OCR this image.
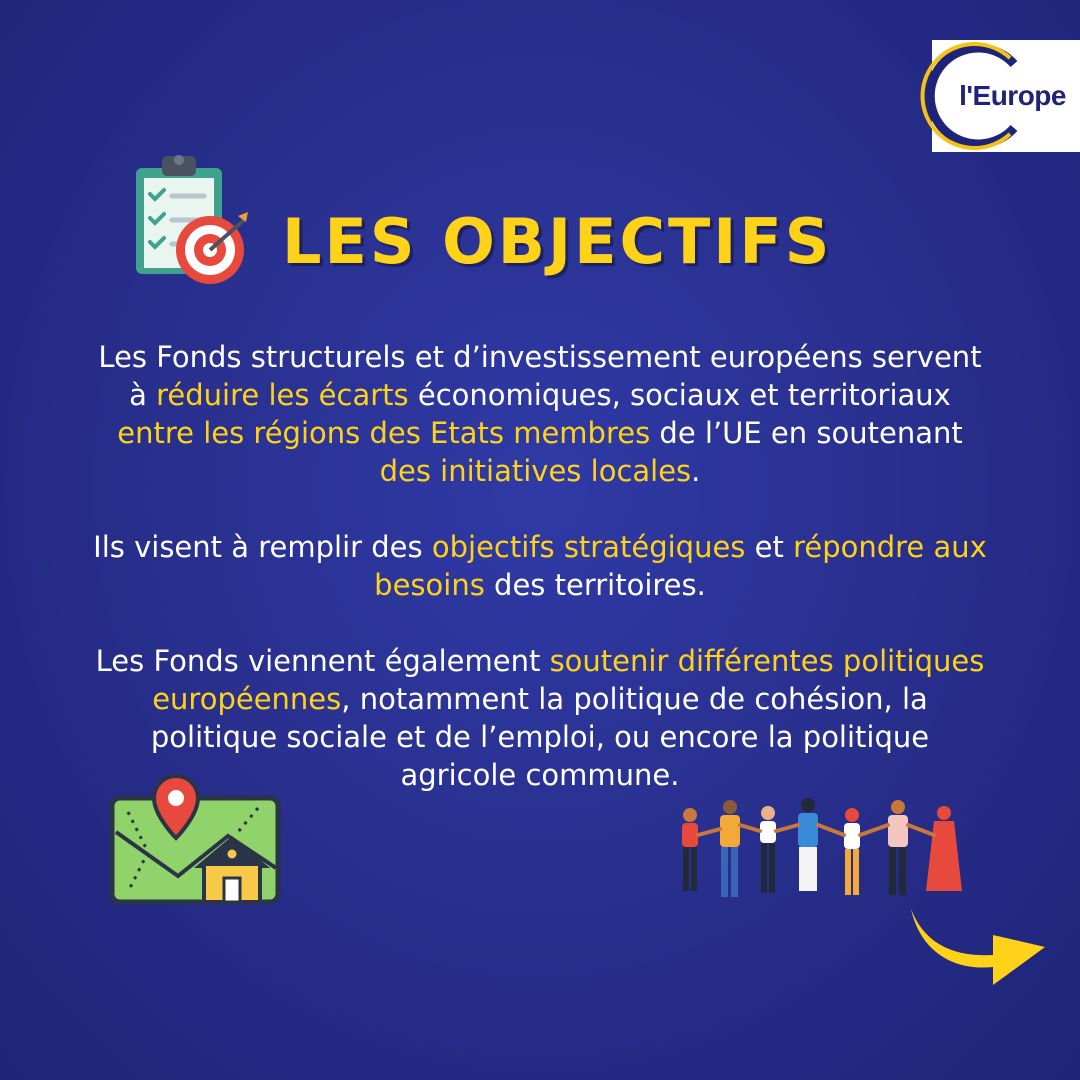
l'Europe
LES OBJECTIFS

Les Fonds structurels et d’investissement européens servent à réduire les écarts économiques, sociaux et territoriaux entre les régions des Etats membres de l’UE en soutenant des initiatives locales.

Ils visent à remplir des objectifs stratégiques et répondre aux besoins des territoires.

Les Fonds viennent également soutenir différentes politiques européennes, notamment la politique de cohésion, la politique sociale et de l’emploi, ou encore la politique agricole commune.
